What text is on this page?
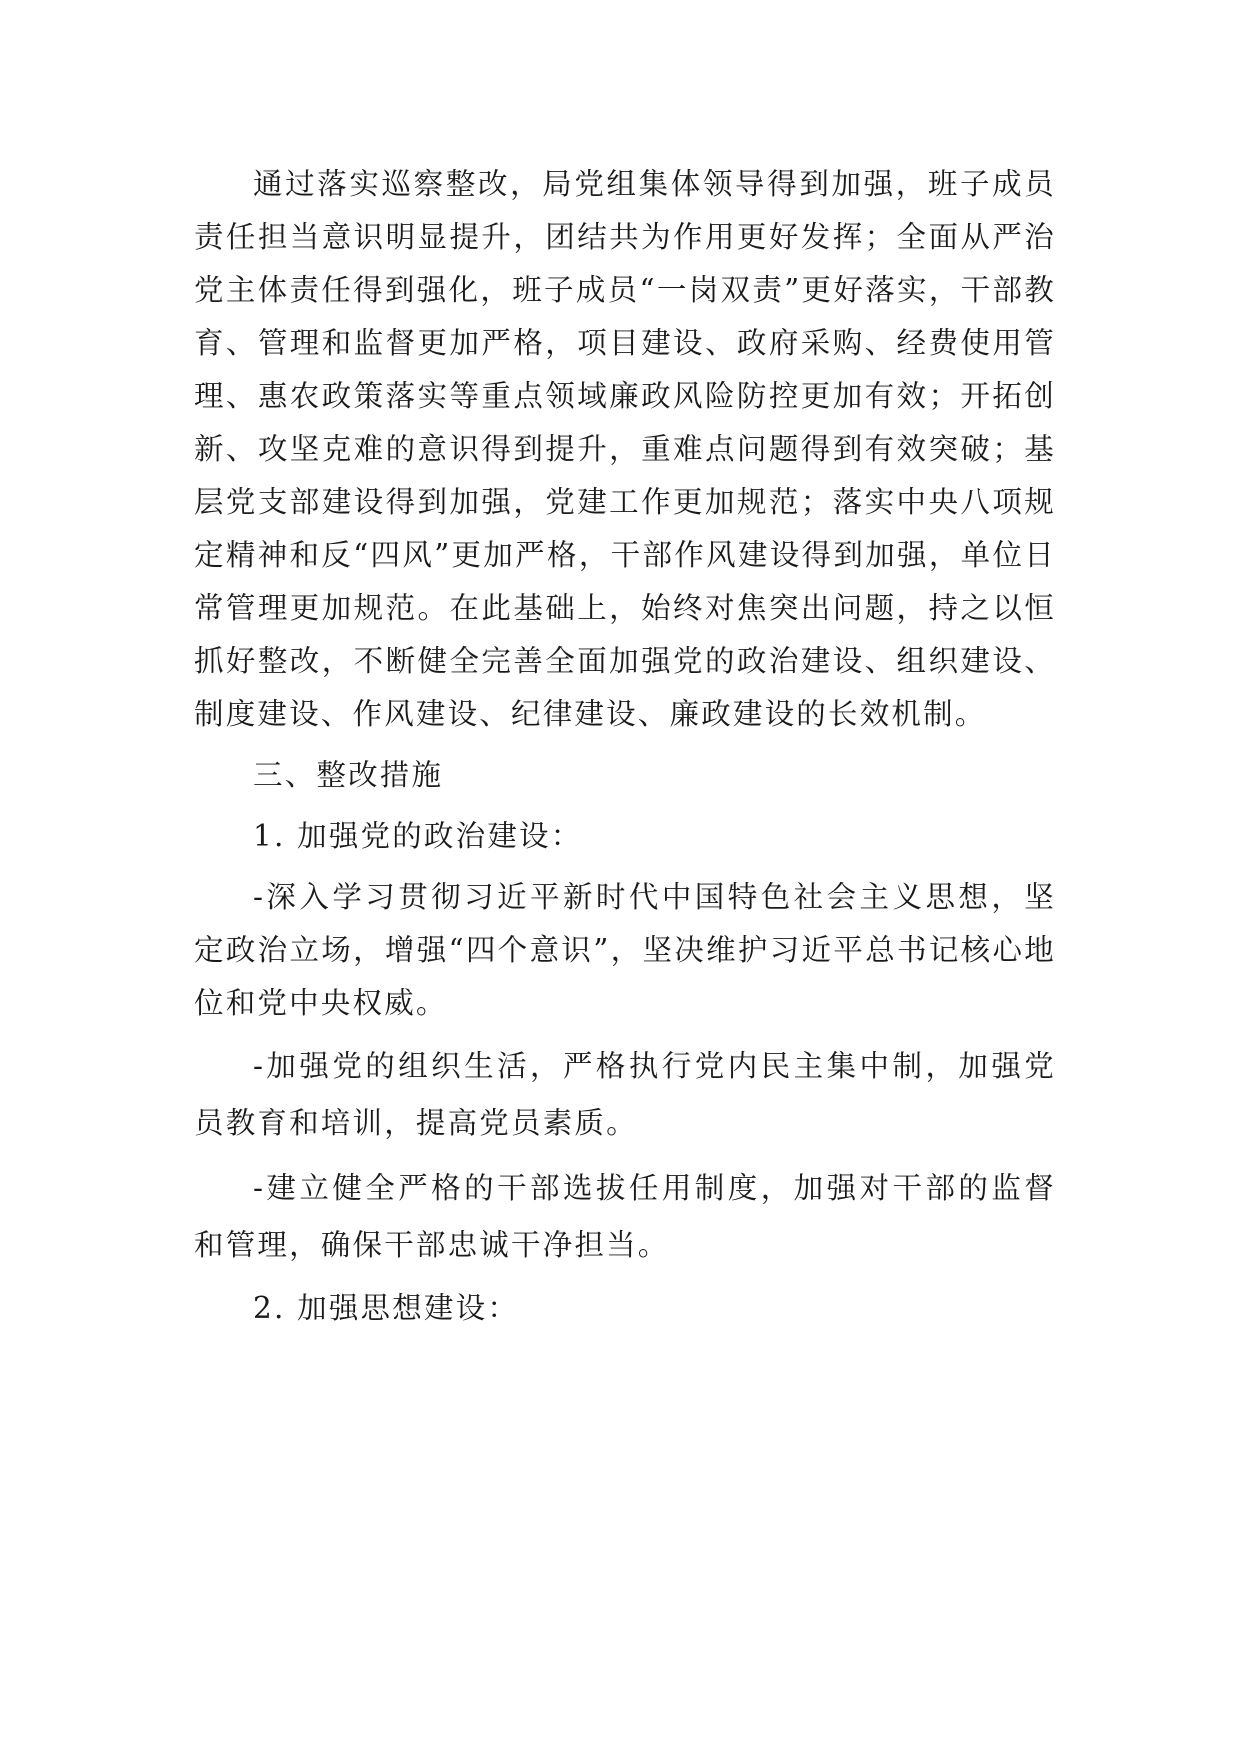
通过落实巡察整改，局党组集体领导得到加强，班子成员责任担当意识明显提升，团结共为作用更好发挥；全面从严治党主体责任得到强化，班子成员“一岗双责”更好落实，干部教育、管理和监督更加严格，项目建设、政府采购、经费使用管理、惠农政策落实等重点领域廉政风险防控更加有效；开拓创新、攻坚克难的意识得到提升，重难点问题得到有效突破；基层党支部建设得到加强，党建工作更加规范；落实中央八项规定精神和反“四风”更加严格，干部作风建设得到加强，单位日常管理更加规范。在此基础上，始终对焦突出问题，持之以恒抓好整改，不断健全完善全面加强党的政治建设、组织建设、制度建设、作风建设、纪律建设、廉政建设的长效机制。

三、整改措施

1. 加强党的政治建设：

-深入学习贯彻习近平新时代中国特色社会主义思想，坚定政治立场，增强“四个意识”，坚决维护习近平总书记核心地位和党中央权威。

-加强党的组织生活，严格执行党内民主集中制，加强党员教育和培训，提高党员素质。

-建立健全严格的干部选拔任用制度，加强对干部的监督和管理，确保干部忠诚干净担当。

2. 加强思想建设：
